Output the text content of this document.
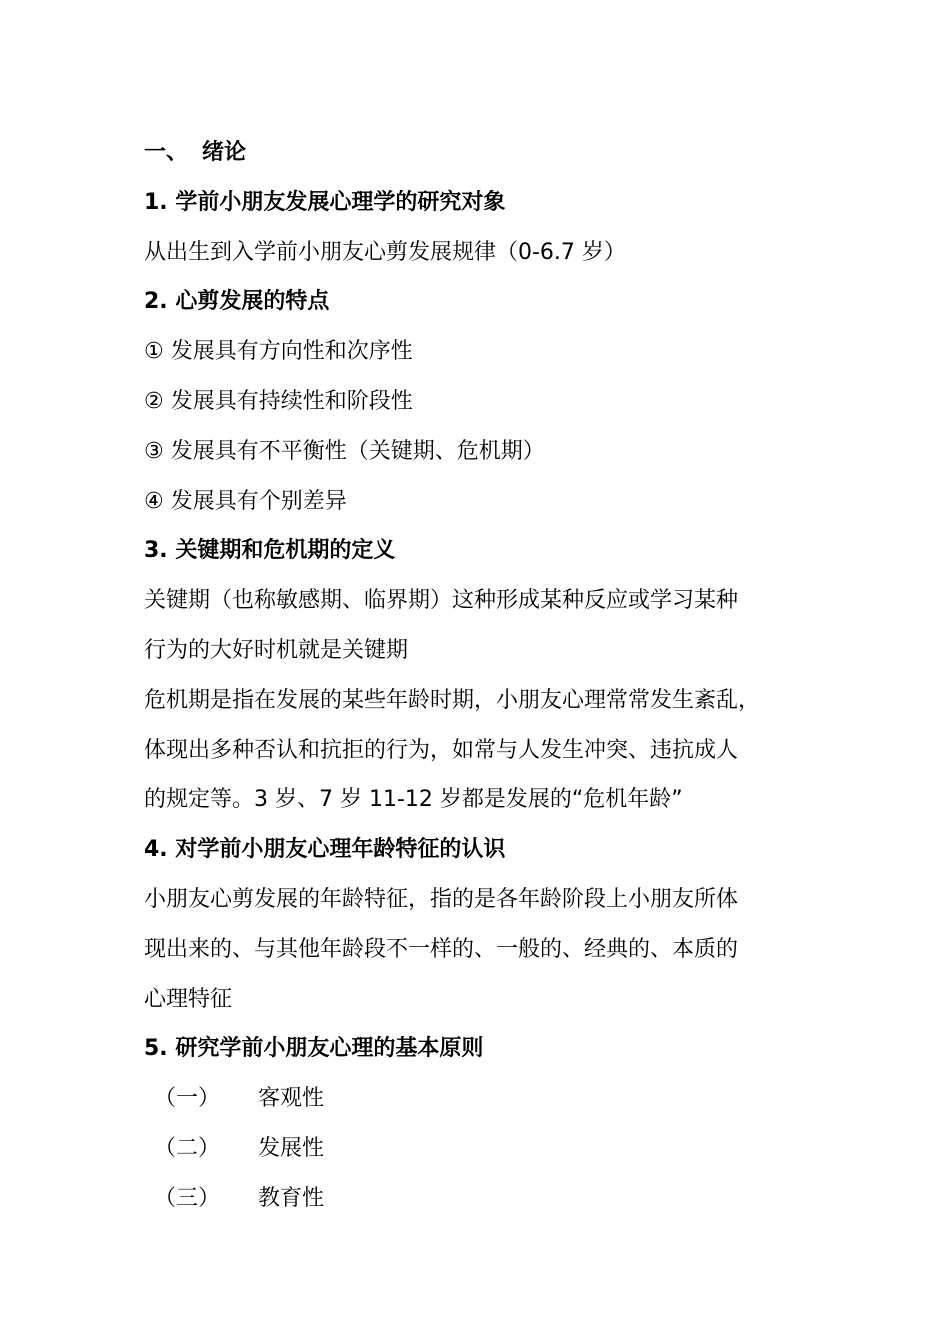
一、 绪论
1. 学前小朋友发展心理学的研究对象
从出生到入学前小朋友心剪发展规律（0-6.7 岁）
2. 心剪发展的特点
① 发展具有方向性和次序性
② 发展具有持续性和阶段性
③ 发展具有不平衡性（关键期、危机期）
④ 发展具有个别差异
3. 关键期和危机期的定义
关键期（也称敏感期、临界期）这种形成某种反应或学习某种
行为的大好时机就是关键期
危机期是指在发展的某些年龄时期，小朋友心理常常发生紊乱，
体现出多种否认和抗拒的行为，如常与人发生冲突、违抗成人
的规定等。3 岁、7 岁 11-12 岁都是发展的“危机年龄”
4. 对学前小朋友心理年龄特征的认识
小朋友心剪发展的年龄特征，指的是各年龄阶段上小朋友所体
现出来的、与其他年龄段不一样的、一般的、经典的、本质的
心理特征
5. 研究学前小朋友心理的基本原则
（一） 客观性
（二） 发展性
（三） 教育性
